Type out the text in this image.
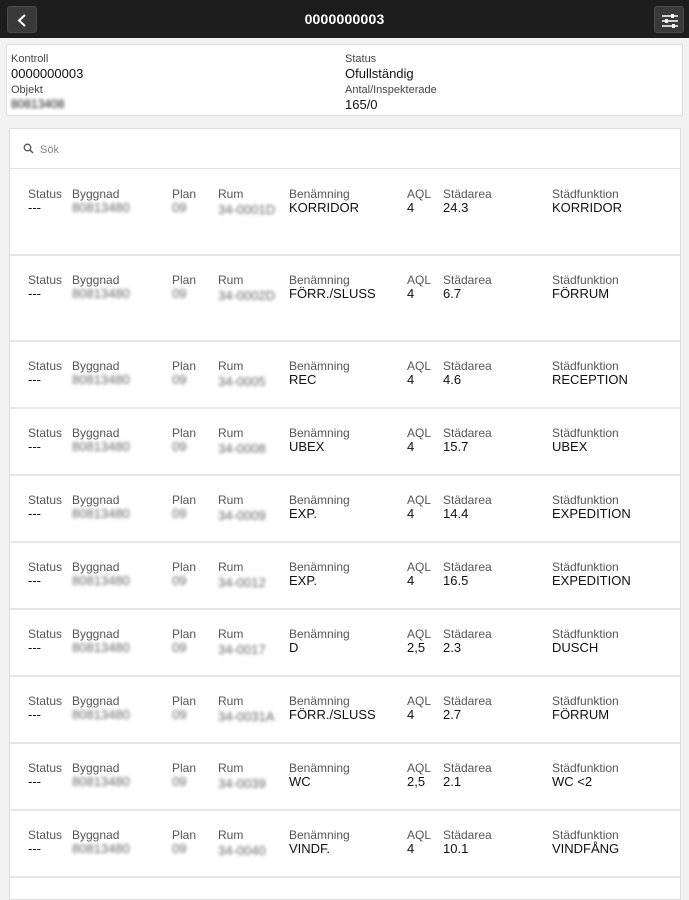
0000000003
Kontroll
0000000003
Objekt
80813408
Status
Ofullständig
Antal/Inspekterade
165/0
Sök
Status
---
Byggnad
80813480
Plan
09
Rum
34-0001D
Benämning
KORRIDOR
AQL
4
Städarea
24.3
Städfunktion
KORRIDOR
Status
---
Byggnad
80813480
Plan
09
Rum
34-0002D
Benämning
FÖRR./SLUSS
AQL
4
Städarea
6.7
Städfunktion
FÖRRUM
Status
---
Byggnad
80813480
Plan
09
Rum
34-0005
Benämning
REC
AQL
4
Städarea
4.6
Städfunktion
RECEPTION
Status
---
Byggnad
80813480
Plan
09
Rum
34-0008
Benämning
UBEX
AQL
4
Städarea
15.7
Städfunktion
UBEX
Status
---
Byggnad
80813480
Plan
09
Rum
34-0009
Benämning
EXP.
AQL
4
Städarea
14.4
Städfunktion
EXPEDITION
Status
---
Byggnad
80813480
Plan
09
Rum
34-0012
Benämning
EXP.
AQL
4
Städarea
16.5
Städfunktion
EXPEDITION
Status
---
Byggnad
80813480
Plan
09
Rum
34-0017
Benämning
D
AQL
2,5
Städarea
2.3
Städfunktion
DUSCH
Status
---
Byggnad
80813480
Plan
09
Rum
34-0031A
Benämning
FÖRR./SLUSS
AQL
4
Städarea
2.7
Städfunktion
FÖRRUM
Status
---
Byggnad
80813480
Plan
09
Rum
34-0039
Benämning
WC
AQL
2,5
Städarea
2.1
Städfunktion
WC <2
Status
---
Byggnad
80813480
Plan
09
Rum
34-0040
Benämning
VINDF.
AQL
4
Städarea
10.1
Städfunktion
VINDFÅNG
